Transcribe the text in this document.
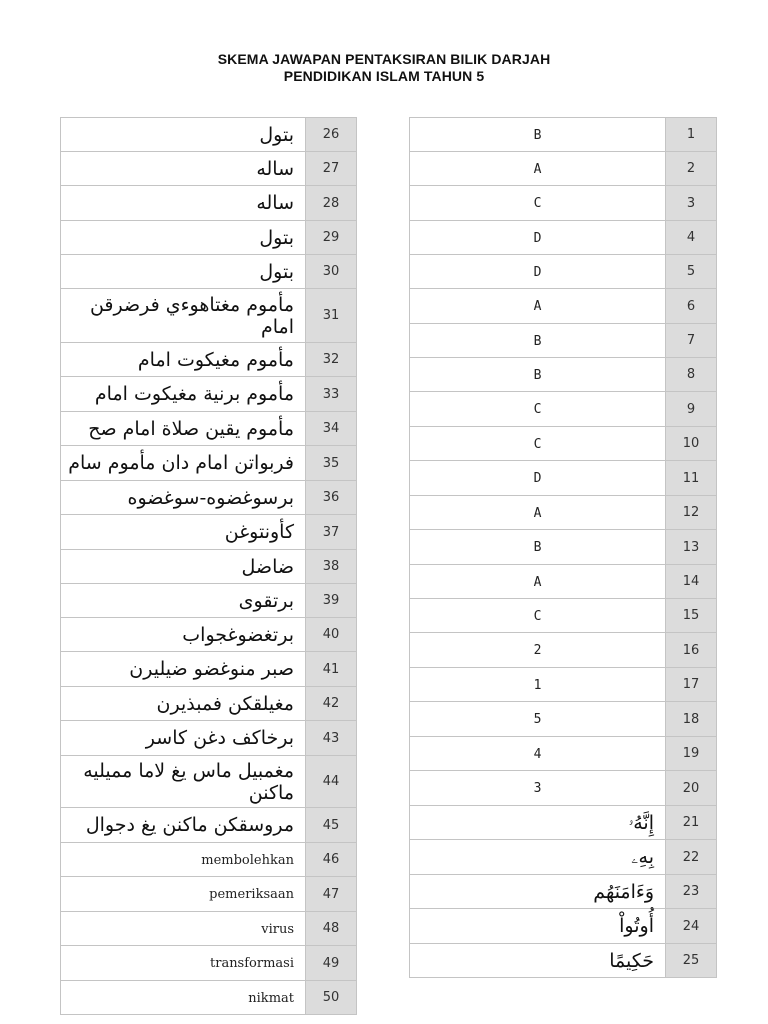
SKEMA JAWAPAN PENTAKSIRAN BILIK DARJAH
PENDIDIKAN ISLAM TAHUN 5
بتول	26
ساله	27
ساله	28
بتول	29
بتول	30
مأموم مغتاهوءي فرضرقن امام	31
مأموم مغيكوت امام	32
مأموم برنية مغيكوت امام	33
مأموم يقين صلاة امام صح	34
فربواتن امام دان مأموم سام	35
برسوغضوه-سوغضوه	36
كأونتوغن	37
ضاضل	38
برتقوى	39
برتغضوغجواب	40
صبر منوغضو ضيليرن	41
مغيلقكن فمبذيرن	42
برخاكف دغن كاسر	43
مغمبيل ماس يغ لاما مميليه ماكنن	44
مروسقكن ماكنن يغ دجوال	45
membolehkan	46
pemeriksaan	47
virus	48
transformasi	49
nikmat	50
B	1
A	2
C	3
D	4
D	5
A	6
B	7
B	8
C	9
C	10
D	11
A	12
B	13
A	14
C	15
2	16
1	17
5	18
4	19
3	20
إِنَّهُۥ	21
بِهِۦ	22
وَءَامَنَهُم	23
أُوتُواْ	24
حَكِيمًا	25
